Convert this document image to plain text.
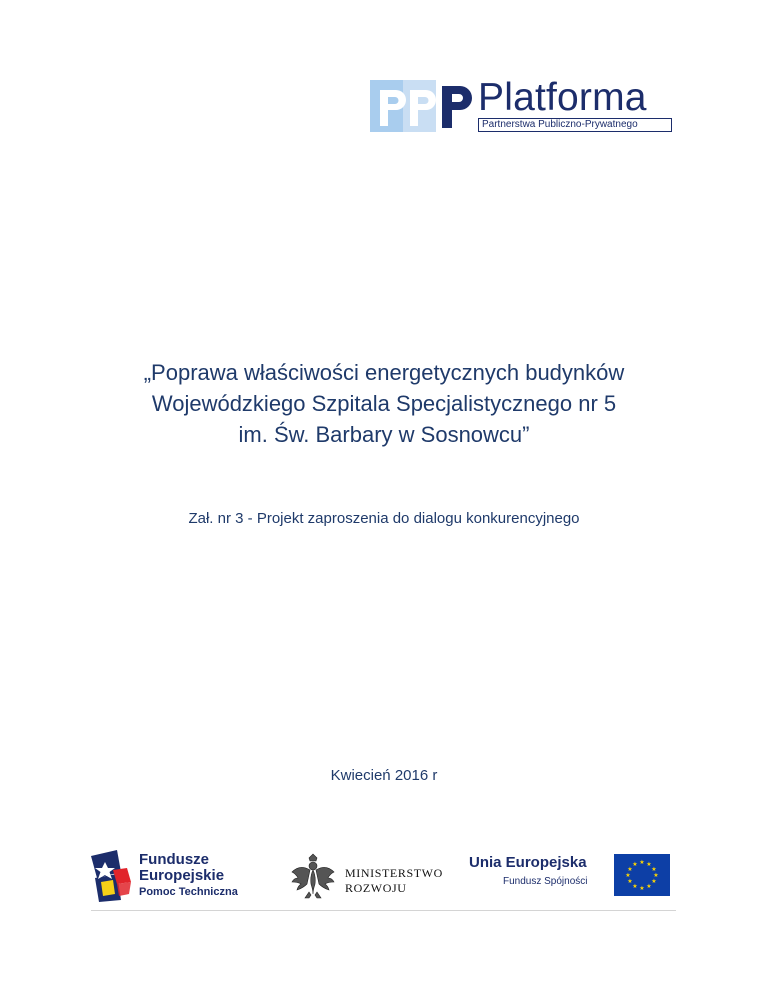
Platforma
Partnerstwa Publiczno-Prywatnego
„Poprawa właściwości energetycznych budynków
Wojewódzkiego Szpitala Specjalistycznego nr 5
im. Św. Barbary w Sosnowcu”
Zał. nr 3 - Projekt zaproszenia do dialogu konkurencyjnego
Kwiecień 2016 r
Fundusze
Europejskie
Pomoc Techniczna
MINISTERSTWO
ROZWOJU
Unia Europejska
Fundusz Spójności
★ ★
★
★
★
★
★
★
★
★
★
★
